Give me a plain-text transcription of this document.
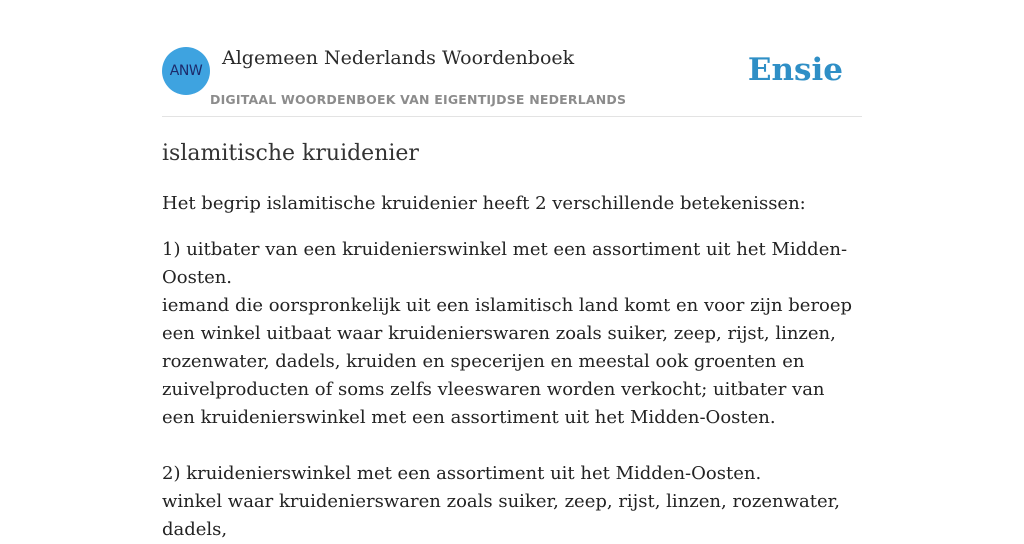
ANW
Algemeen Nederlands Woordenboek
DIGITAAL WOORDENBOEK VAN EIGENTIJDSE NEDERLANDS
Ensie
islamitische kruidenier

Het begrip islamitische kruidenier heeft 2 verschillende betekenissen:

1) uitbater van een kruidenierswinkel met een assortiment uit het Midden-Oosten.
iemand die oorspronkelijk uit een islamitisch land komt en voor zijn beroep een winkel uitbaat waar kruidenierswaren zoals suiker, zeep, rijst, linzen, rozenwater, dadels, kruiden en specerijen en meestal ook groenten en zuivelproducten of soms zelfs vleeswaren worden verkocht; uitbater van een kruidenierswinkel met een assortiment uit het Midden-Oosten.

2) kruidenierswinkel met een assortiment uit het Midden-Oosten.
winkel waar kruidenierswaren zoals suiker, zeep, rijst, linzen, rozenwater, dadels,
